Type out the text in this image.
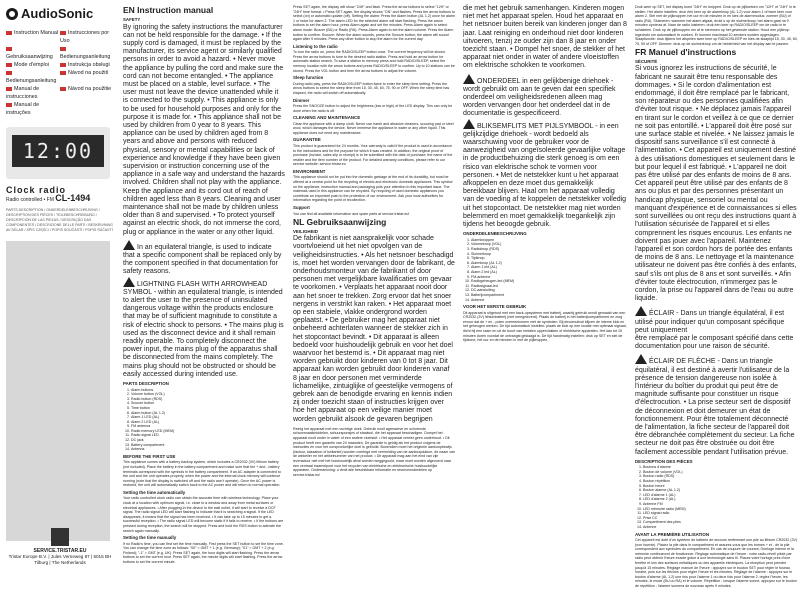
AudioSonic
Instruction Manual	Instrucciones por Uso
Gebruiksaanwijzing	Bedienungsanleitung
Mode d'emploi	Instrukcja obsługi
Bedienungsanleitung
Návod na použití
Manual de instrucciones
Návod na použitie
Manual de instruções
12:00
Clock radio
Radio controlled • FM CL-1494
PARTS DESCRIPTION / ONDERDELENBESCHRIJVING / DESCRIPTION DES PIÈCES / TEILEBESCHREIBUNG / DESCRIPCIÓN DE LAS PIEZAS / DESCRIÇÃO DAS COMPONENTES / DESCRIZIONE DELLE PARTI / BESKRIVNING AV DELAR / SPIS CZĘŚCI / POPIS SOUČÁSTÍ / POPIS SÚČASTÍ
SERVICE.TRISTAR.EU
Tristar Europe B.V. | Jules Verneweg 87 | 5015 BH Tilburg | The Netherlands
EN Instruction manual
SAFETY
By ignoring the safety instructions the manufacturer can not be held responsible for the damage. • If the supply cord is damaged, it must be replaced by the manufacturer, its service agent or similarly qualified persons in order to avoid a hazard. • Never move the appliance by pulling the cord and make sure the cord can not become entangled. • The appliance must be placed on a stable, level surface. • The user must not leave the device unattended while it is connected to the supply. • This appliance is only to be used for household purposes and only for the purpose it is made for. • This appliance shall not be used by children from 0 year to 8 years. This appliance can be used by children aged from 8 years and above and persons with reduced physical, sensory or mental capabilities or lack of experience and knowledge if they have been given supervision or instruction concerning use of the appliance in a safe way and understand the hazards involved. Children shall not play with the appliance. Keep the appliance and its cord out of reach of children aged less than 8 years. Cleaning and user maintenance shall not be made by children unless older than 8 and supervised. • To protect yourself against an electric shock, do not immerse the cord, plug or appliance in the water or any other liquid.
In an equilateral triangle, is used to indicate that a specific component shall be replaced only by the component specified in that documentation for safety reasons.
LIGHTNING FLASH WITH ARROWHEAD SYMBOL - within an equilateral triangle, is intended to alert the user to the presence of uninsulated dangerous voltage within the products enclosure that may be of sufficient magnitude to constitute a risk of electric shock to persons. • The mains plug is used as the disconnect device and it shall remain readily operable. To completely disconnect the power input, the mains plug of the apparatus shall be disconnected from the mains completely. The mains plug should not be obstructed or should be easily accessed during intended use.
PARTS DESCRIPTION
1. Alarm buttons
2. Volume button (VOL)
3. Radio button (RDS)
4. Snooze button
5. Time button
6. Alarm button (AL 1,2)
7. Alarm 1 LED (AL)
8. Alarm 2 LED (AL)
9. FM antenna
10. Radio memory LED (MEM)
11. Radio signal LED
12. DC jack
13. Battery compartment
14. Antenna
BEFORE THE FIRST USE

This appliance comes with a battery backup system, which includes a CR2032 (3V) lithium battery (not included). Place the battery in the battery compartment and make sure that the + and - battery terminals correspond with the symbols in the battery compartment. If an AC adapter is connected to the unit and the unit operates properly, when the power and the internal clock memory will continue running (note that the display is switched off and the radio won't operate). Once the AC power is restored, the unit will automatically switch back to the AC power and will return to normal operation.

Setting the time automatically

Your radio controlled clock radio can obtain the accurate time with wireless technology. Place your clock at a location with optimum signal, i.e. close to a window and away from metal surfaces or electrical appliances. • After plugging-in the device to the wall outlet, it will start to receive a DCF signal. The radio signal LED will start flashing to indicate that it is searching a signal. If the LED disappears, it means that the signal has been received. • It can take up to 15 minutes to get a successful reception. • The radio signal LED will become static if it fails to receive. • If the buttons are pressed during reception, the search will be stopped. Press and hold the RDS button to activate the search again manually.

Setting the time manually

If no Radio's time, you can first set the time manually. First press the SET button to set the time zone. You can change the time zone as follows: "00" = GMT + 1 (e.g. Germany); "01" = GMT + 2 (e.g. Finland); "-1" = GMT (e.g. UK). Press SET again, the hour digits will start flashing. Press the arrow buttons to set the current hour. Press SET again, the minute digits will start flashing. Press the arrow buttons to set the current minute.

Press SET again, the display will show "24H" and flash. Press the arrow buttons to select "12H" or "24H" time format. • Press SET again, the display shows "ON" and flashes. Press the arrow buttons to select (on) or automatic update (off). Setting the alarm: Press the Alarm button (AL 1,2) once for alarm 1 or twice for alarm 2. The alarm LED for the selected alarm will start flashing. Press the arrow buttons to set the alarm hour, press Alarm again and set the minutes. Press Alarm again to select alarm mode: Buzzer (BU) or Radio (RA). Press Alarm again to set the alarm volume. Press the Alarm button to confirm. Snooze: When the alarm sounds, press the Snooze button; the alarm will sound again after 9 minutes. Press any other button to stop the alarm for the current day.

Listening to the radio

To turn the radio on, press the RADIO/SLEEP button once. The current frequency will be shown. Press the arrow buttons to tune to the desired radio station. Press and hold an arrow button for automatic station search. To save a station to memory press and hold RADIO/SLEEP, select the memory location with the arrow buttons and press RADIO/SLEEP to confirm. Up to 10 stations can be stored. Press the VOL button and then the arrow buttons to adjust the volume.

Sleep function

During radio play, press the RADIO/SLEEP button twice to enter the sleep time setting. Press the arrow buttons to select the sleep time from 15, 30, 45, 60, 75, 90 or OFF. When the sleep time has elapsed, the radio will switch off automatically.

Dimmer

Press the SNOOZE button to adjust the brightness (low or high) of the LED display. This can only be done when the radio is off.

CLEANING AND MAINTENANCE

Clean the appliance with a damp cloth. Never use harsh and abrasive cleaners, scouring pad or steel wool, which damages the device. Never immerse the appliance in water or any other liquid. This appliance does not need any maintenance.

GUARANTEE

This product is guaranteed for 24 months. Your warranty is valid if the product is used in accordance to the instructions and for the purpose for which it was created. In addition, the original proof of purchase (invoice, sales slip or receipt) is to be submitted with the date of purchase, the name of the retailer and the item number of the product. For detailed warranty conditions, please refer to our service website: service.tristar.eu

ENVIRONMENT

This appliance should not be put into the domestic garbage at the end of its durability, but must be offered at a central point for the recycling of electric and electronic domestic appliances. This symbol on the appliance, instruction manual and packaging puts your attention to this important issue. The materials used in this appliance can be recycled. By recycling of used domestic appliances you contribute an important push to the protection of our environment. Ask your local authorities for information regarding the point of recollection.

Support

You can find all available information and spare parts at service.tristar.eu!

NL Gebruiksaanwijzing
VEILIGHEID
De fabrikant is niet aansprakelijk voor schade voortvloeiend uit het niet opvolgen van de veiligheidsinstructies. • Als het netsnoer beschadigd is, moet het worden vervangen door de fabrikant, de onderhoudsmonteur van de fabrikant of door personen met vergelijkbare kwalificaties om gevaar te voorkomen. • Verplaats het apparaat nooit door aan het snoer te trekken. Zorg ervoor dat het snoer nergens in verstrikt kan raken. • Het apparaat moet op een stabiele, vlakke ondergrond worden geplaatst. • De gebruiker mag het apparaat niet onbeheerd achterlaten wanneer de stekker zich in het stopcontact bevindt. • Dit apparaat is alleen bedoeld voor huishoudelijk gebruik en voor het doel waarvoor het bestemd is. • Dit apparaat mag niet worden gebruikt door kinderen van 0 tot 8 jaar. Dit apparaat kan worden gebruikt door kinderen vanaf 8 jaar en door personen met verminderde lichamelijke, zintuiglijke of geestelijke vermogens of gebrek aan de benodigde ervaring en kennis indien zij onder toezicht staan of instructies krijgen over hoe het apparaat op een veilige manier moet worden gebruikt alsook de gevaren begrijpen
Reinig het apparaat met een vochtige doek. Gebruik nooit agressieve en schurende schoonmaakmiddelen, schuursponsjes of staalwol, die het apparaat beschadigen. Dompel het apparaat nooit onder in water of een andere vloeistof. • Het apparaat vereist geen onderhoud. • Dit product heeft een garantie van 24 maanden. De garantie is geldig als het product volgens de instructies en voor het oorspronkelijke doel is gebruikt. Bovendien moet het originele aankoopbewijs (factuur, kassabon of kwitantie) worden overlegd met vermelding van de aankoopdatum, de naam van de winkelier en het artikelnummer van het product. • Dit apparaat mag aan het eind van zijn levensduur niet met het huishoudelijk afval worden weggegooid, maar moet worden afgevoerd naar een centraal inzamelpunt voor het recyclen van elektrische en elektronische huishoudelijke apparaten. Ondersteuning: u vindt alle beschikbare informatie en reserveonderdelen op service.tristar.eu!
die met het gebruik samenhangen. Kinderen mogen niet met het apparaat spelen. Houd het apparaat en het netsnoer buiten bereik van kinderen jonger dan 8 jaar. Laat reiniging en onderhoud niet door kinderen uitvoeren, tenzij ze ouder zijn dan 8 jaar en onder toezicht staan. • Dompel het snoer, de stekker of het apparaat niet onder in water of andere vloeistoffen om elektrische schokken te voorkomen.
ONDERDEEL in een gelijkbenige driehoek - wordt gebruikt om aan te geven dat een specifiek onderdeel om veiligheidsredenen alleen mag worden vervangen door het onderdeel dat in de documentatie is gespecificeerd.
BLIKSEMFLITS MET PIJLSYMBOOL - in een gelijkzijdige driehoek - wordt bedoeld als waarschuwing voor de gebruiker voor de aanwezigheid van ongeïsoleerde gevaarlijke voltage in de productbehuizing die sterk genoeg is om een risico van elektrische schok te vormen voor personen. • Met de netstekker kunt u het apparaat afkoppelen en deze moet dus gemakkelijk bereikbaar blijven. Haal om het apparaat volledig van de voeding af te koppelen de netstekker volledig uit het stopcontact. De netstekker mag niet worden belemmerd en moet gemakkelijk toegankelijk zijn tijdens het beoogde gebruik.
ONDERDELENBESCHRIJVING
1. Alarmknoppen
2. Volumeknop (VOL)
3. Radioknop (RDS)
4. Sluimerknop
5. Tijdknop
6. Alarmknop (AL 1,2)
7. Alarm 1 led (AL)
8. Alarm 2 led (AL)
9. FM-antenne
10. Radiogeheugen-led (MEM)
11. Radiosignaal-led
12. DC-aansluiting
13. Batterijcompartiment
14. Antenne
VOOR HET EERSTE GEBRUIK

Dit apparaat is uitgerust met een back-upsysteem met batterij, waarbij gebruik wordt gemaakt van een CR2032 (3V) lithiumbatterij (niet meegeleverd). Plaats de batterij in het batterijcompartiment en zorg ervoor dat de + en - polen overeenkomen met de symbolen. Bij stroomuitval blijven de interne klok en het geheugen werken. De tijd automatisch instellen: plaats de klok op een locatie met optimaal signaal, dicht bij een raam en uit de buurt van metalen oppervlakken of elektrische apparaten. Het kan tot 15 minuten duren voordat de ontvangst geslaagd is. De tijd handmatig instellen: druk op SET en stel de tijdzone, het uur en de minuten in met de pijlknoppen.

Druk weer op SET, het display toont "24H" en knippert. Druk op de pijltoetsen om "12H" of "24H" in te stellen. Het alarm instellen: druk één keer op de alarmknop (AL 1,2) voor alarm 1 of twee keer voor alarm 2. Stel met de pijlknoppen het uur en de minuten in en kies de alarmmodus: zoemer (BU) of radio (RA). Sluimeren: wanneer het alarm afgaat, drukt u op de sluimerknop; het alarm gaat na 9 minuten opnieuw af. Naar de radio luisteren: druk één keer op RADIO/SLEEP om de radio in te schakelen. Druk op de pijlknoppen om af te stemmen op het gewenste station. Houd een pijlknop ingedrukt om automatisch te zoeken. Er kunnen maximaal 10 zenders worden opgeslagen. Slaapfunctie: druk tijdens het afspelen twee keer op RADIO/SLEEP en kies de slaaptijd 15, 30, 45, 60, 75, 90 of OFF. Dimmer: druk op de sluimerknop om de helderheid van het display aan te passen.

FR Manuel d'instructions
SÉCURITÉ
Si vous ignorez les instructions de sécurité, le fabricant ne saurait être tenu responsable des dommages. • Si le cordon d'alimentation est endommagé, il doit être remplacé par le fabricant, son réparateur ou des personnes qualifiées afin d'éviter tout risque. • Ne déplacez jamais l'appareil en tirant sur le cordon et veillez à ce que ce dernier ne soit pas entortillé. • L'appareil doit être posé sur une surface stable et nivelée. • Ne laissez jamais le dispositif sans surveillance s'il est connecté à l'alimentation. • Cet appareil est uniquement destiné à des utilisations domestiques et seulement dans le but pour lequel il est fabriqué. • L'appareil ne doit pas être utilisé par des enfants de moins de 8 ans. Cet appareil peut être utilisé par des enfants de 8 ans ou plus et par des personnes présentant un handicap physique, sensoriel ou mental ou manquant d'expérience et de connaissances si elles sont surveillées ou ont reçu des instructions quant à l'utilisation sécurisée de l'appareil et si elles comprennent les risques encourus. Les enfants ne doivent pas jouer avec l'appareil. Maintenez l'appareil et son cordon hors de portée des enfants de moins de 8 ans. Le nettoyage et la maintenance utilisateur ne doivent pas être confiés à des enfants, sauf s'ils ont plus de 8 ans et sont surveillés. • Afin d'éviter toute électrocution, n'immergez pas le cordon, la prise ou l'appareil dans de l'eau ou autre liquide.
ÉCLAIR - Dans un triangle équilatéral, il est utilisé pour indiquer qu'un composant spécifique peut uniquement
être remplacé par le composant spécifié dans cette documentation pour une raison de sécurité.
ÉCLAIR DE FLÈCHE - Dans un triangle équilatéral, il est destiné à avertir l'utilisateur de la présence de tension dangereuse non isolée à l'intérieur du boîtier du produit qui peut être de magnitude suffisante pour constituer un risque d'électrocution. • La prise secteur sert de dispositif de déconnexion et doit demeurer un état de fonctionnement. Pour être totalement déconnecté de l'alimentation, la fiche secteur de l'appareil doit être débranchée complètement du secteur. La fiche secteur ne doit pas être obstruée ou doit être facilement accessible pendant l'utilisation prévue.
DESCRIPTION DES PIÈCES
1. Boutons d'alarme
2. Bouton de volume (VOL)
3. Bouton radio (RDS)
4. Bouton répétition
5. Bouton heure
6. Bouton alarme (AL 1,2)
7. LED d'alarme 1 (AL)
8. LED d'alarme 2 (AL)
9. Antenne FM
10. LED mémoire radio (MEM)
11. LED signal radio
12. Prise CC
13. Compartiment des piles
14. Antenne
AVANT LA PREMIÈRE UTILISATION

Cet appareil est doté d'un système de batterie de secours renfermant une pile au lithium CR2032 (3V) (non fournie). Placez la pile dans le compartiment et assurez-vous que les bornes + et - de la pile correspondent aux symboles du compartiment. En cas de coupure de courant, l'horloge interne et la mémoire continueront de fonctionner. Réglage automatique de l'heure : votre radio-réveil piloté par radio peut obtenir l'heure exacte grâce à une technologie sans fil. Placez votre horloge près d'une fenêtre et loin des surfaces métalliques ou des appareils électriques. La réception peut prendre jusqu'à 15 minutes. Réglage manuel de l'heure : appuyez sur le bouton SET pour régler le fuseau horaire, puis sur les flèches pour régler l'heure et les minutes. Réglage de l'alarme : appuyez sur le bouton d'alarme (AL 1,2) une fois pour l'alarme 1 ou deux fois pour l'alarme 2, réglez l'heure, les minutes, le mode (BU ou RA) et le volume. Répétition : lorsque l'alarme sonne, appuyez sur le bouton de répétition ; l'alarme sonnera de nouveau après 9 minutes.
